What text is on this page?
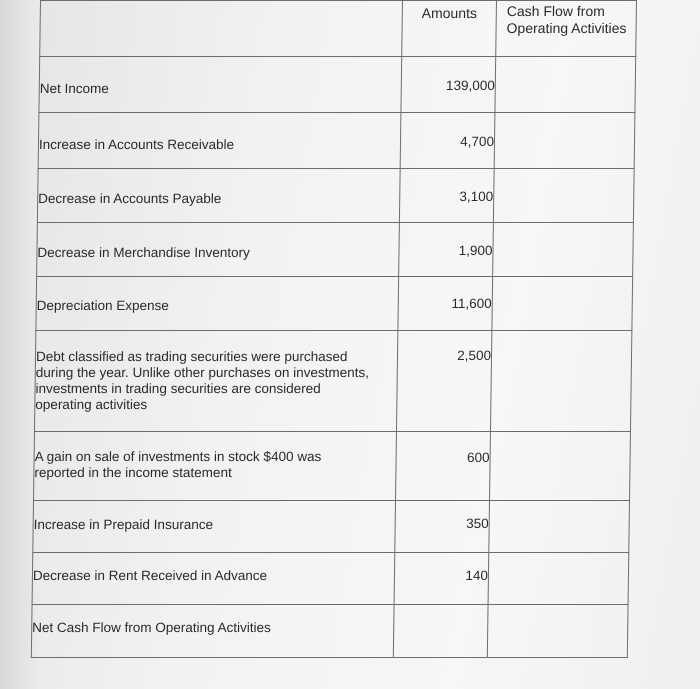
	Amounts	Cash Flow from Operating Activities
Net Income	139,000	
Increase in Accounts Receivable	4,700	
Decrease in Accounts Payable	3,100	
Decrease in Merchandise Inventory	1,900	
Depreciation Expense	11,600	
Debt classified as trading securities were purchased during the year. Unlike other purchases on investments, investments in trading securities are considered operating activities	2,500	
A gain on sale of investments in stock $400 was reported in the income statement	600	
Increase in Prepaid Insurance	350	
Decrease in Rent Received in Advance	140	
Net Cash Flow from Operating Activities		
